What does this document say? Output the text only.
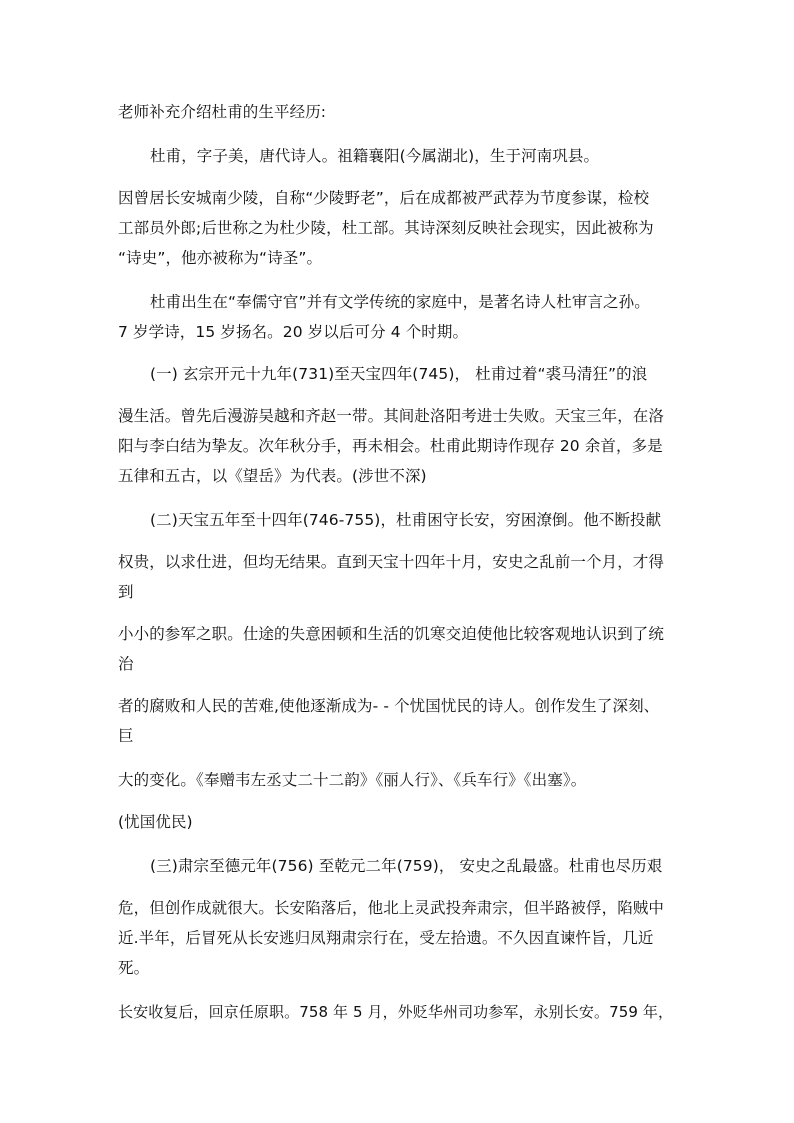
老师补充介绍杜甫的生平经历:
杜甫，字子美，唐代诗人。祖籍襄阳(今属湖北)，生于河南巩县。
因曾居长安城南少陵，自称“少陵野老”，后在成都被严武荐为节度参谋，检校
工部员外郎;后世称之为杜少陵，杜工部。其诗深刻反映社会现实，因此被称为
“诗史”，他亦被称为“诗圣”。
杜甫出生在“奉儒守官”并有文学传统的家庭中，是著名诗人杜审言之孙。
7 岁学诗，15 岁扬名。20 岁以后可分 4 个时期。
(一) 玄宗开元十九年(731)至天宝四年(745)， 杜甫过着“裘马清狂”的浪
漫生活。曾先后漫游吴越和齐赵一带。其间赴洛阳考进士失败。天宝三年，在洛
阳与李白结为挚友。次年秋分手，再未相会。杜甫此期诗作现存 20 余首，多是
五律和五古，以《望岳》为代表。(涉世不深)
(二)天宝五年至十四年(746-755)，杜甫困守长安，穷困潦倒。他不断投献
权贵，以求仕进，但均无结果。直到天宝十四年十月，安史之乱前一个月，才得
到
小小的参军之职。仕途的失意困顿和生活的饥寒交迫使他比较客观地认识到了统
治
者的腐败和人民的苦难,使他逐渐成为- - 个忧国忧民的诗人。创作发生了深刻、
巨
大的变化。《奉赠韦左丞丈二十二韵》《丽人行》、《兵车行》《出塞》。
(忧国优民)
(三)肃宗至德元年(756) 至乾元二年(759)， 安史之乱最盛。杜甫也尽历艰
危，但创作成就很大。长安陷落后，他北上灵武投奔肃宗，但半路被俘，陷贼中
近.半年，后冒死从长安逃归凤翔肃宗行在，受左拾遗。不久因直谏忤旨，几近
死。
长安收复后，回京任原职。758 年 5 月，外贬华州司功参军，永别长安。759 年，
